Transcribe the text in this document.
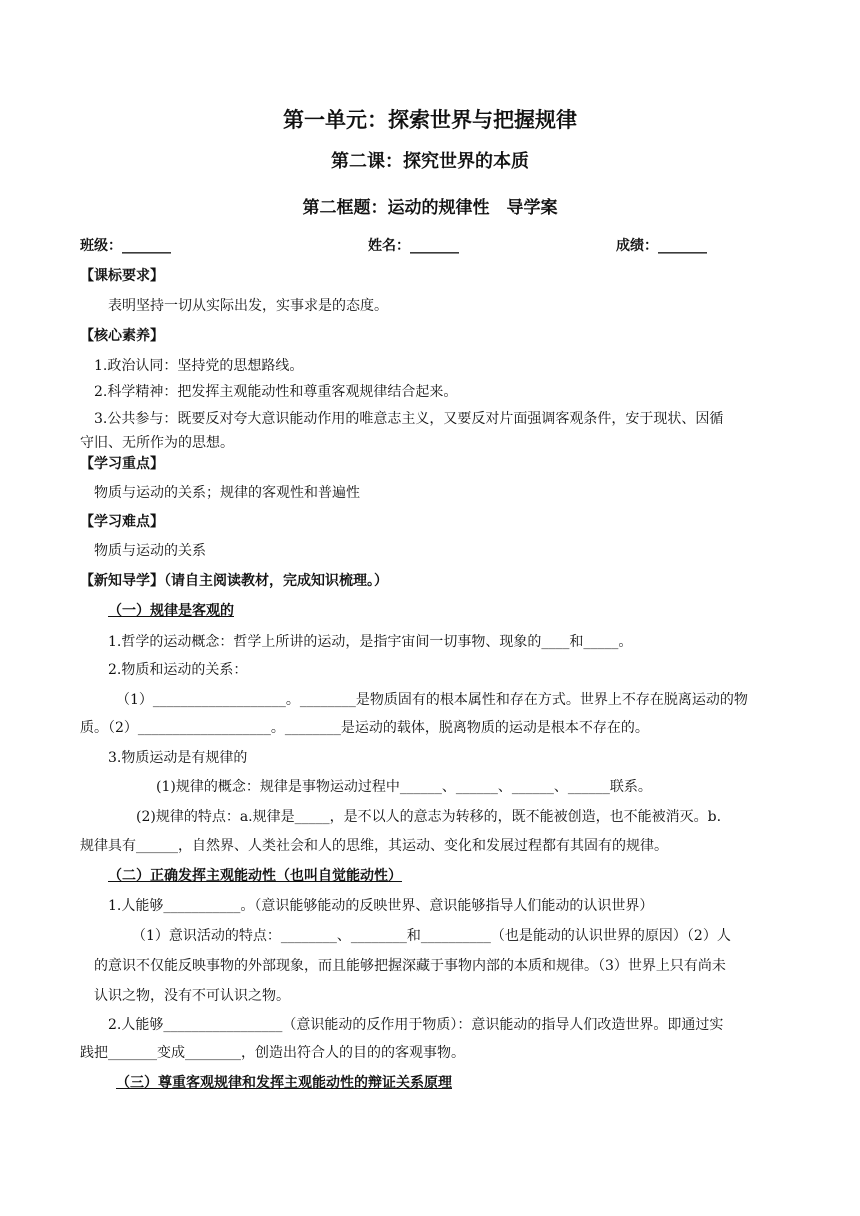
第一单元：探索世界与把握规律
第二课：探究世界的本质
第二框题：运动的规律性　导学案
班级：_______	姓名：_______	成绩：_______
【课标要求】
表明坚持一切从实际出发，实事求是的态度。
【核心素养】
1.政治认同：坚持党的思想路线。
2.科学精神：把发挥主观能动性和尊重客观规律结合起来。
3.公共参与：既要反对夸大意识能动作用的唯意志主义，又要反对片面强调客观条件，安于现状、因循
守旧、无所作为的思想。
【学习重点】
物质与运动的关系；规律的客观性和普遍性
【学习难点】
物质与运动的关系
【新知导学】（请自主阅读教材，完成知识梳理。）
（一）规律是客观的
1.哲学的运动概念：哲学上所讲的运动，是指宇宙间一切事物、现象的____和_____。
2.物质和运动的关系：
（1）___________________。________是物质固有的根本属性和存在方式。世界上不存在脱离运动的物
质。（2）___________________。________是运动的载体，脱离物质的运动是根本不存在的。
3.物质运动是有规律的
(1)规律的概念：规律是事物运动过程中______、______、______、______联系。
(2)规律的特点：a.规律是_____，是不以人的意志为转移的，既不能被创造，也不能被消灭。b.
规律具有______，自然界、人类社会和人的思维，其运动、变化和发展过程都有其固有的规律。
（二）正确发挥主观能动性（也叫自觉能动性）
1.人能够___________。（意识能够能动的反映世界、意识能够指导人们能动的认识世界）
（1）意识活动的特点：________、________和__________（也是能动的认识世界的原因）（2）人
的意识不仅能反映事物的外部现象，而且能够把握深藏于事物内部的本质和规律。（3）世界上只有尚未
认识之物，没有不可认识之物。
2.人能够_________________（意识能动的反作用于物质）：意识能动的指导人们改造世界。即通过实
践把_______变成________，创造出符合人的目的的客观事物。
（三）尊重客观规律和发挥主观能动性的辩证关系原理
